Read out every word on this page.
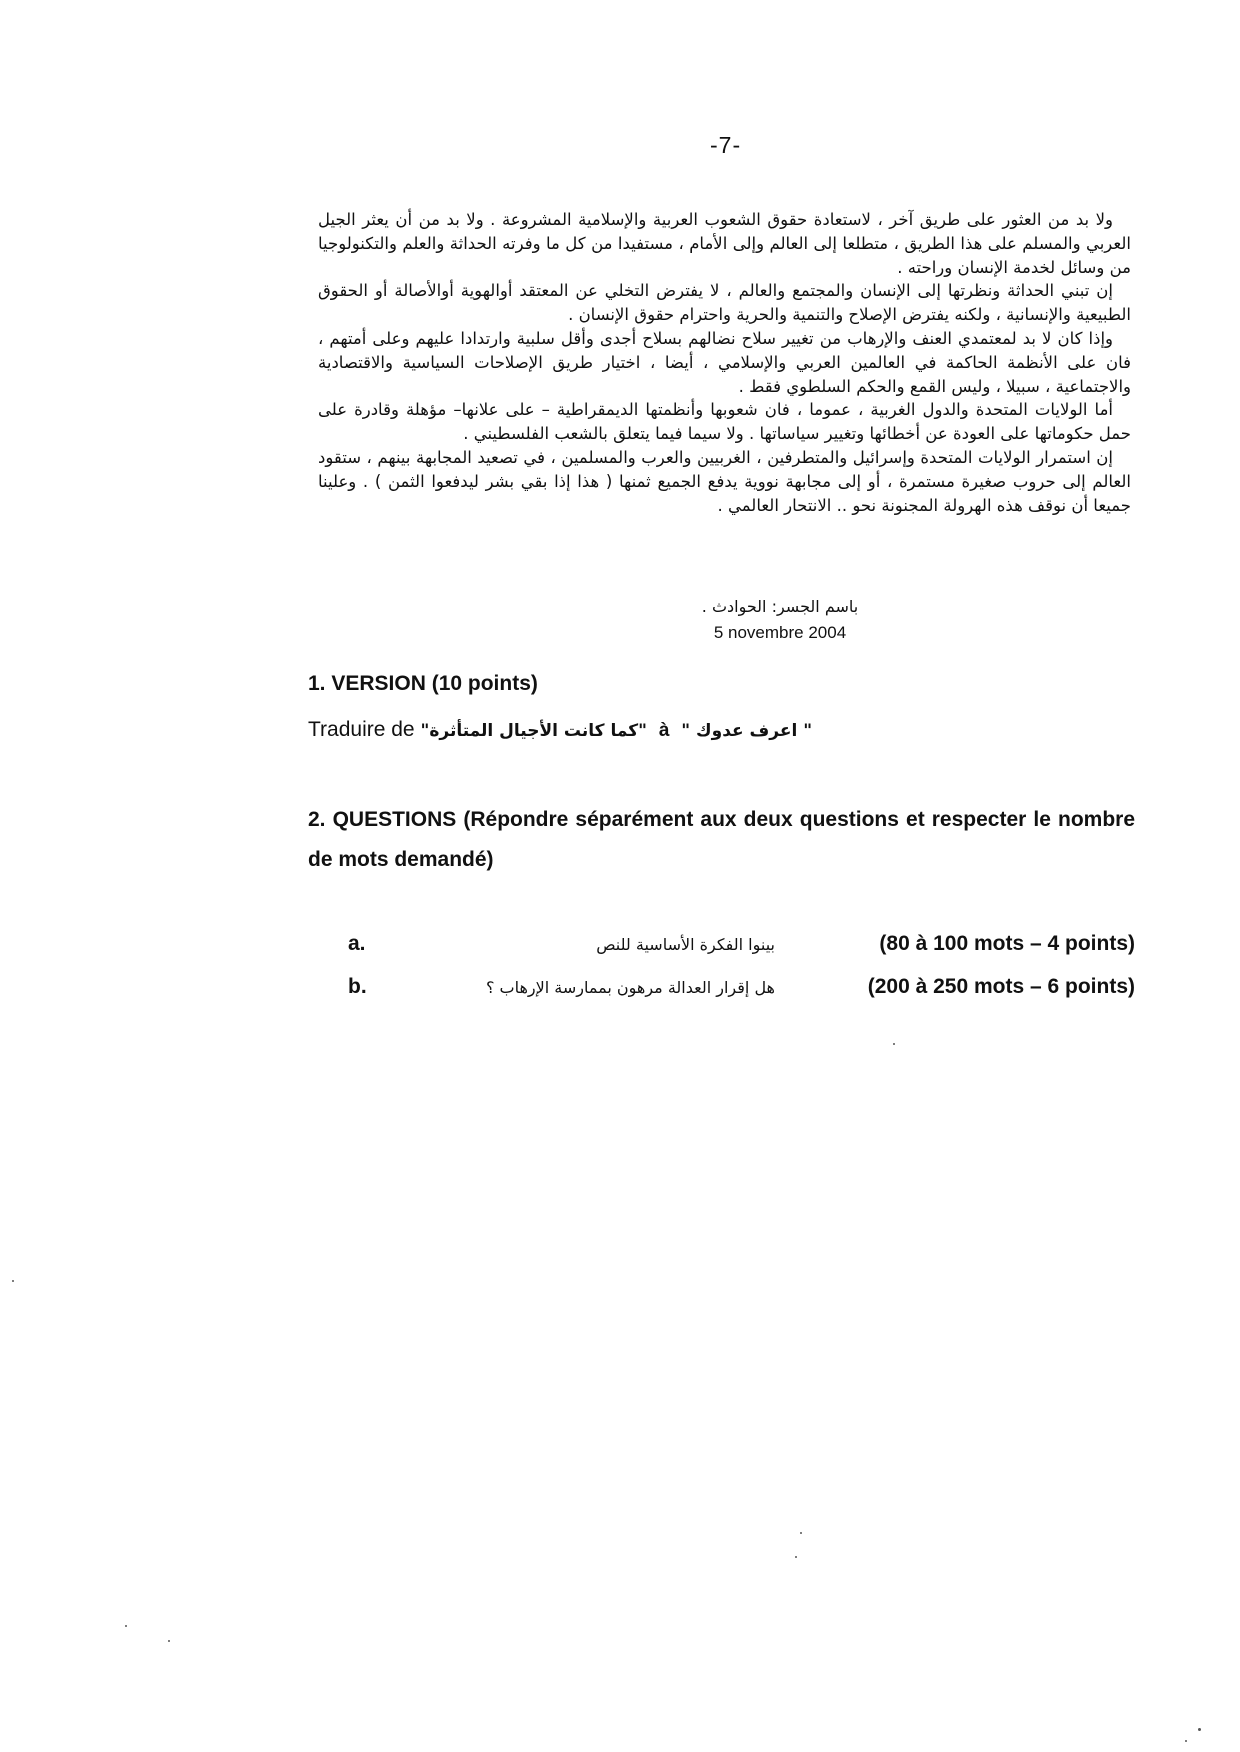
-7-

ولا بد من العثور على طريق آخر ، لاستعادة حقوق الشعوب العربية والإسلامية المشروعة . ولا بد من أن يعثر الجيل العربي والمسلم على هذا الطريق ، متطلعا إلى العالم وإلى الأمام ، مستفيدا من كل ما وفرته الحداثة والعلم والتكنولوجيا من وسائل لخدمة الإنسان وراحته .

إن تبني الحداثة ونظرتها إلى الإنسان والمجتمع والعالم ، لا يفترض التخلي عن المعتقد أوالهوية أوالأصالة أو الحقوق الطبيعية والإنسانية ، ولكنه يفترض الإصلاح والتنمية والحرية واحترام حقوق الإنسان .

وإذا كان لا بد لمعتمدي العنف والإرهاب من تغيير سلاح نضالهم بسلاح أجدى وأقل سلبية وارتدادا عليهم وعلى أمتهم ، فان على الأنظمة الحاكمة في العالمين العربي والإسلامي ، أيضا ، اختيار طريق الإصلاحات السياسية والاقتصادية والاجتماعية ، سبيلا ، وليس القمع والحكم السلطوي فقط .

أما الولايات المتحدة والدول الغربية ، عموما ، فان شعوبها وأنظمتها الديمقراطية – على علانها– مؤهلة وقادرة على حمل حكوماتها على العودة عن أخطائها وتغيير سياساتها . ولا سيما فيما يتعلق بالشعب الفلسطيني .

إن استمرار الولايات المتحدة وإسرائيل والمتطرفين ، الغربيين والعرب والمسلمين ، في تصعيد المجابهة بينهم ، ستقود العالم إلى حروب صغيرة مستمرة ، أو إلى مجابهة نووية يدفع الجميع ثمنها ( هذا إذا بقي بشر ليدفعوا الثمن ) . وعلينا جميعا أن نوقف هذه الهرولة المجنونة نحو .. الانتحار العالمي .

باسم الجسر: الحوادث .
5 novembre 2004
1. VERSION (10 points)
Traduire de "كما كانت الأجيال المتأثرة" à " اعرف عدوك "
2. QUESTIONS (Répondre séparément aux deux questions et respecter le nombre de mots demandé)
a.	بينوا الفكرة الأساسية للنص	(80 à 100 mots – 4 points)
b.	هل إقرار العدالة مرهون بممارسة الإرهاب ؟	(200 à 250 mots – 6 points)
